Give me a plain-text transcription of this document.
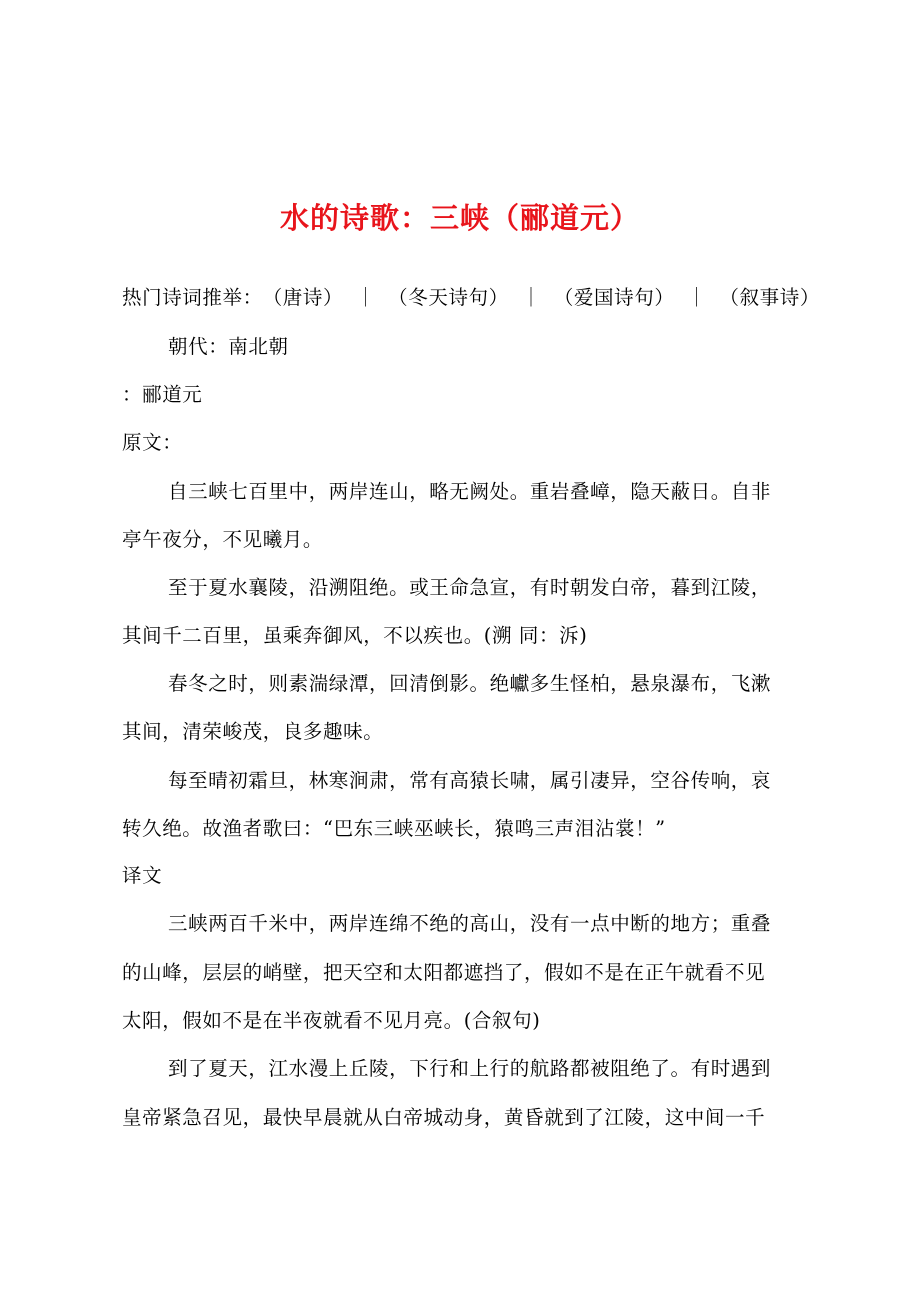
水的诗歌：三峡（郦道元）
热门诗词推举：（唐诗） ｜ （冬天诗句） ｜ （爱国诗句） ｜ （叙事诗）
朝代：南北朝
：郦道元
原文：
自三峡七百里中，两岸连山，略无阙处。重岩叠嶂，隐天蔽日。自非
亭午夜分，不见曦月。
至于夏水襄陵，沿溯阻绝。或王命急宣，有时朝发白帝，暮到江陵，
其间千二百里，虽乘奔御风，不以疾也。(溯 同：泝)
春冬之时，则素湍绿潭，回清倒影。绝巘多生怪柏，悬泉瀑布，飞漱
其间，清荣峻茂，良多趣味。
每至晴初霜旦，林寒涧肃，常有高猿长啸，属引凄异，空谷传响，哀
转久绝。故渔者歌曰：“巴东三峡巫峡长，猿鸣三声泪沾裳！”
译文
三峡两百千米中，两岸连绵不绝的高山，没有一点中断的地方；重叠
的山峰，层层的峭壁，把天空和太阳都遮挡了，假如不是在正午就看不见
太阳，假如不是在半夜就看不见月亮。(合叙句)
到了夏天，江水漫上丘陵，下行和上行的航路都被阻绝了。有时遇到
皇帝紧急召见，最快早晨就从白帝城动身，黄昏就到了江陵，这中间一千
